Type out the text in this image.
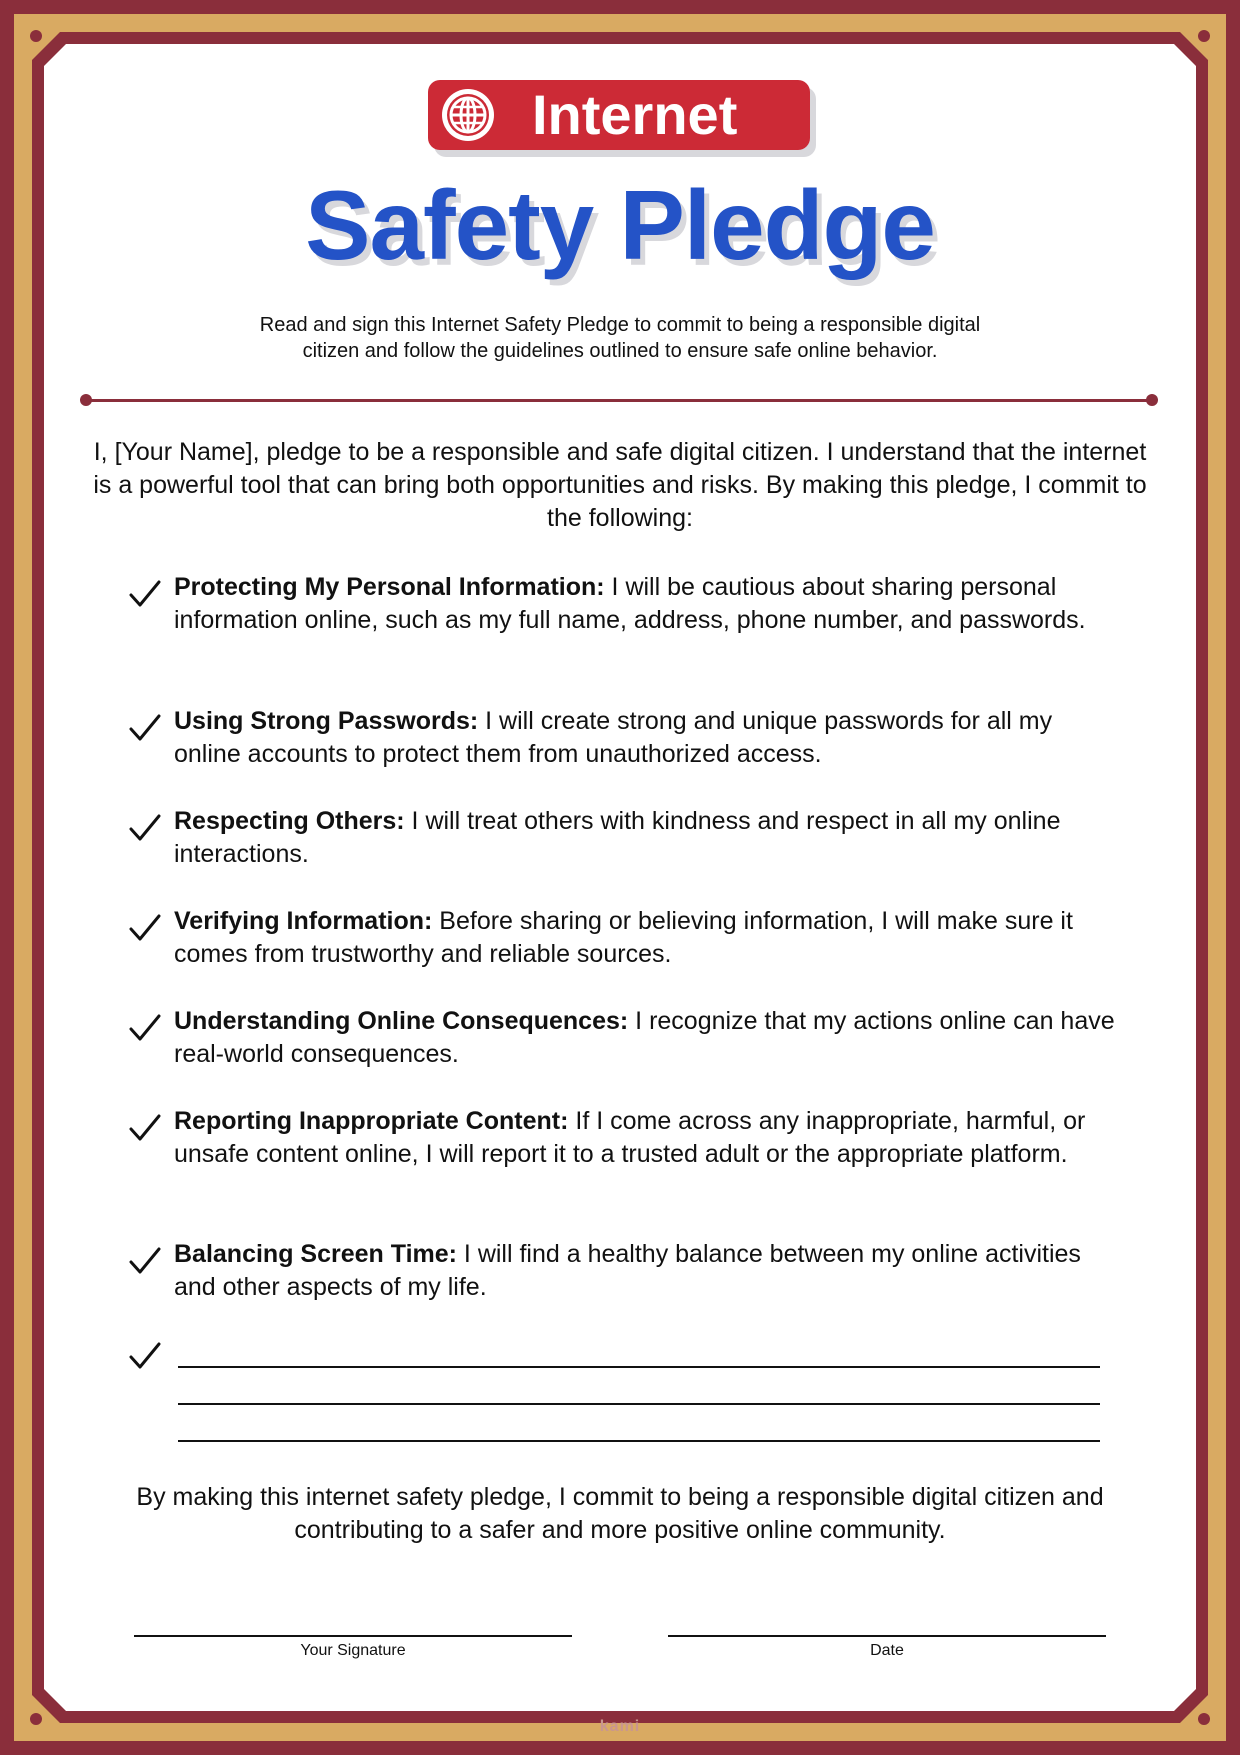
Internet
Safety Pledge
Read and sign this Internet Safety Pledge to commit to being a responsible digital
citizen and follow the guidelines outlined to ensure safe online behavior.
I, [Your Name], pledge to be a responsible and safe digital citizen. I understand that the internet is a powerful tool that can bring both opportunities and risks. By making this pledge, I commit to the following:
Protecting My Personal Information: I will be cautious about sharing personal information online, such as my full name, address, phone number, and passwords.
Using Strong Passwords: I will create strong and unique passwords for all my online accounts to protect them from unauthorized access.
Respecting Others: I will treat others with kindness and respect in all my online interactions.
Verifying Information: Before sharing or believing information, I will make sure it comes from trustworthy and reliable sources.
Understanding Online Consequences: I recognize that my actions online can have real-world consequences.
Reporting Inappropriate Content: If I come across any inappropriate, harmful, or unsafe content online, I will report it to a trusted adult or the appropriate platform.
Balancing Screen Time: I will find a healthy balance between my online activities and other aspects of my life.
By making this internet safety pledge, I commit to being a responsible digital citizen and contributing to a safer and more positive online community.
Your Signature	Date
kami
